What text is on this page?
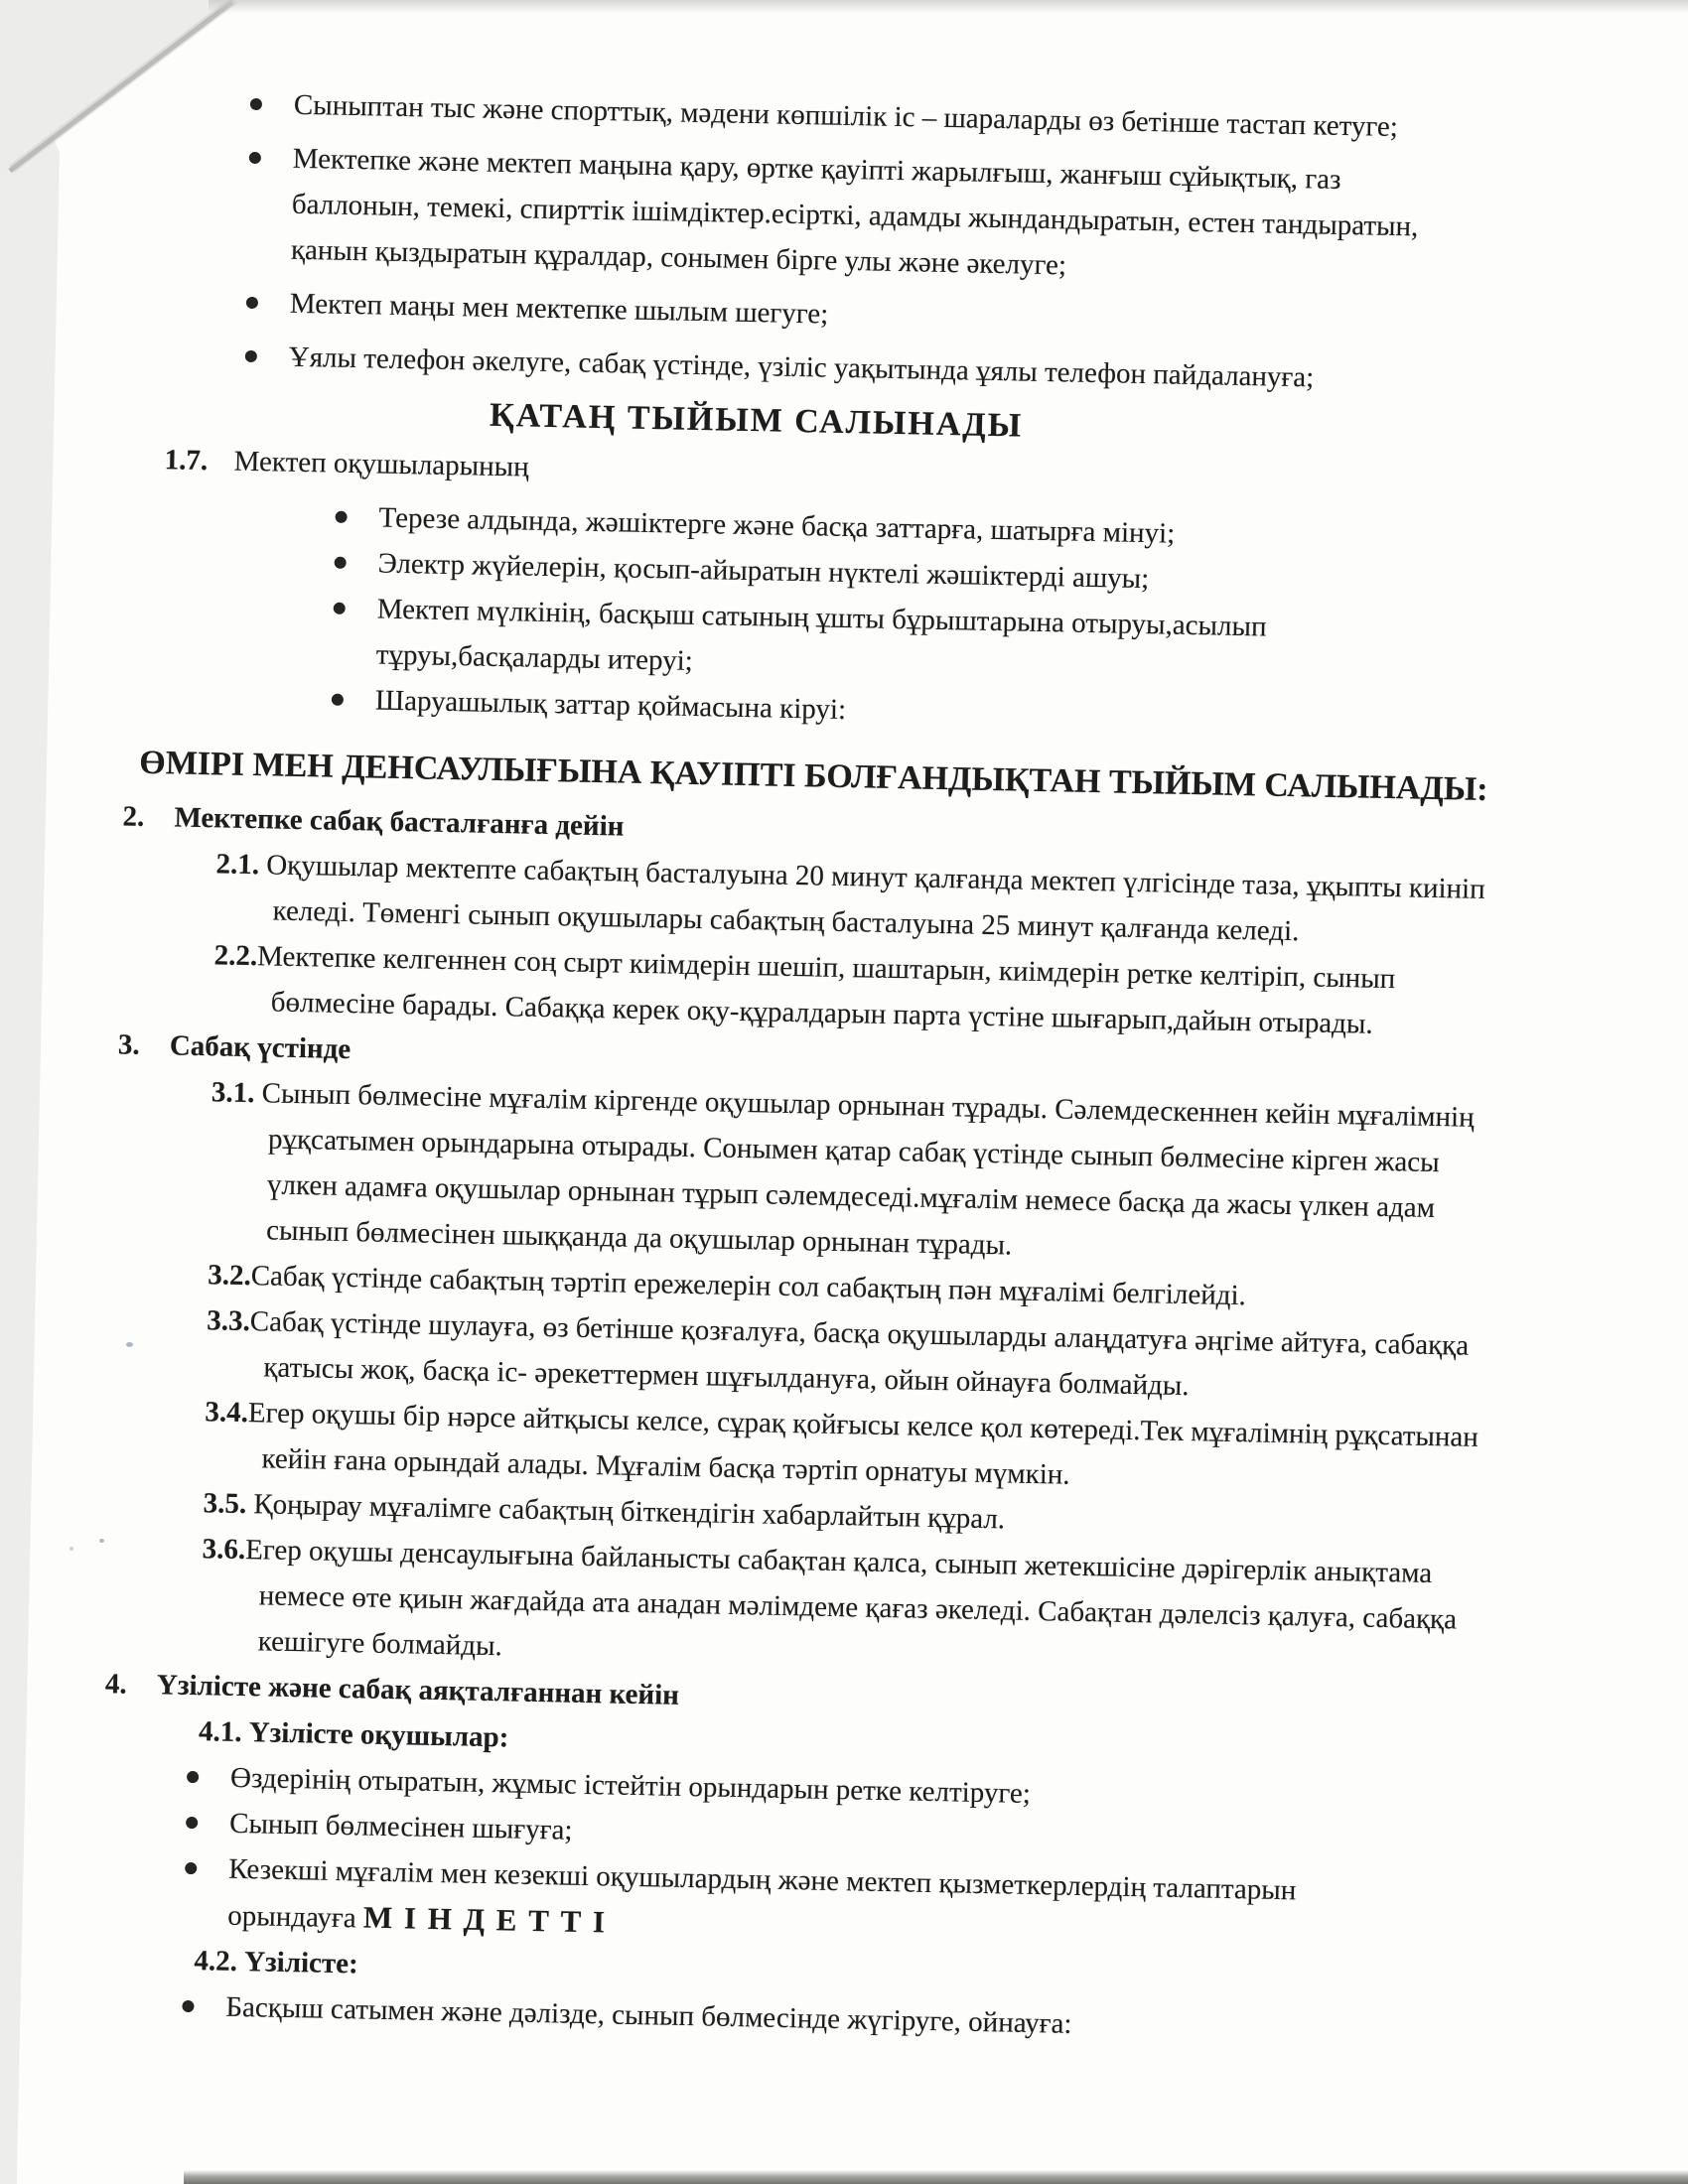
Сыныптан тыс және спорттық, мәдени көпшілік іс – шараларды өз бетінше тастап кетуге;
Мектепке және мектеп маңына қару, өртке қауіпті жарылғыш, жанғыш сұйықтық, газ баллонын, темекі, спирттік ішімдіктер.есірткі, адамды жындандыратын, естен тандыратын, қанын қыздыратын құралдар, сонымен бірге улы және әкелуге;
Мектеп маңы мен мектепке шылым шегуге;
Ұялы телефон әкелуге, сабақ үстінде, үзіліс уақытында ұялы телефон пайдалануға;
ҚАТАҢ ТЫЙЫМ САЛЫНАДЫ

1.7. Мектеп оқушыларының

Терезе алдында, жәшіктерге және басқа заттарға, шатырға мінуі;
Электр жүйелерін, қосып-айыратын нүктелі жәшіктерді ашуы;
Мектеп мүлкінің, басқыш сатының ұшты бұрыштарына отыруы,асылып тұруы,басқаларды итеруі;
Шаруашылық заттар қоймасына кіруі:
ӨМІРІ МЕН ДЕНСАУЛЫҒЫНА ҚАУІПТІ БОЛҒАНДЫҚТАН ТЫЙЫМ САЛЫНАДЫ:

2. Мектепке сабақ басталғанға дейін

2.1. Оқушылар мектепте сабақтың басталуына 20 минут қалғанда мектеп үлгісінде таза, ұқыпты киініп келеді. Төменгі сынып оқушылары сабақтың басталуына 25 минут қалғанда келеді.

2.2.Мектепке келгеннен соң сырт киімдерін шешіп, шаштарын, киімдерін ретке келтіріп, сынып бөлмесіне барады. Сабаққа керек оқу-құралдарын парта үстіне шығарып,дайын отырады.

3. Сабақ үстінде

3.1. Сынып бөлмесіне мұғалім кіргенде оқушылар орнынан тұрады. Сәлемдескеннен кейін мұғалімнің рұқсатымен орындарына отырады. Сонымен қатар сабақ үстінде сынып бөлмесіне кірген жасы үлкен адамға оқушылар орнынан тұрып сәлемдеседі.мұғалім немесе басқа да жасы үлкен адам сынып бөлмесінен шыққанда да оқушылар орнынан тұрады.

3.2.Сабақ үстінде сабақтың тәртіп ережелерін сол сабақтың пән мұғалімі белгілейді.

3.3.Сабақ үстінде шулауға, өз бетінше қозғалуға, басқа оқушыларды алаңдатуға әңгіме айтуға, сабаққа қатысы жоқ, басқа іс- әрекеттермен шұғылдануға, ойын ойнауға болмайды.

3.4.Егер оқушы бір нәрсе айтқысы келсе, сұрақ қойғысы келсе қол көтереді.Тек мұғалімнің рұқсатынан кейін ғана орындай алады. Мұғалім басқа тәртіп орнатуы мүмкін.

3.5. Қоңырау мұғалімге сабақтың біткендігін хабарлайтын құрал.

3.6.Егер оқушы денсаулығына байланысты сабақтан қалса, сынып жетекшісіне дәрігерлік анықтама немесе өте қиын жағдайда ата анадан мәлімдеме қағаз әкеледі. Сабақтан дәлелсіз қалуға, сабаққа кешігуге болмайды.

4. Үзілісте және сабақ аяқталғаннан кейін

4.1. Үзілісте оқушылар:

Өздерінің отыратын, жұмыс істейтін орындарын ретке келтіруге;
Сынып бөлмесінен шығуға;
Кезекші мұғалім мен кезекші оқушылардың және мектеп қызметкерлердің талаптарын орындауға М І Н Д Е Т Т І

4.2. Үзілісте:

Басқыш сатымен және дәлізде, сынып бөлмесінде жүгіруге, ойнауға:
